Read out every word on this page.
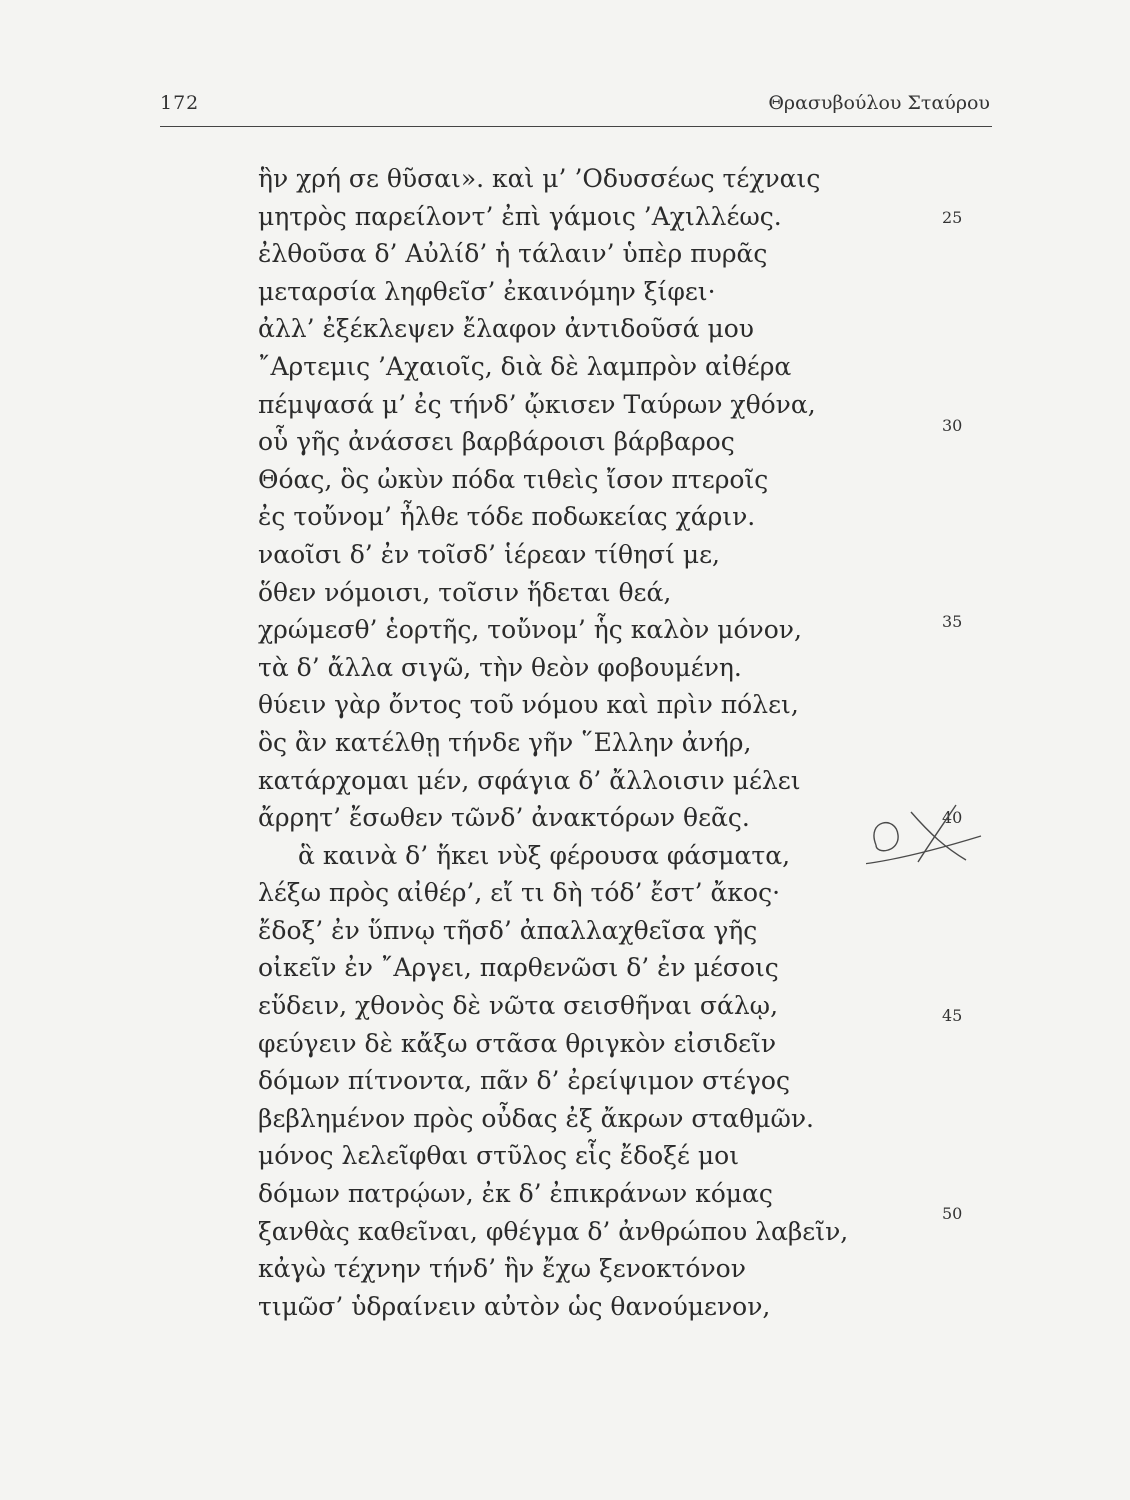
172	Θρασυβούλου Σταύρου
ἣν χρή σε θῦσαι». καὶ μ’ ’Οδυσσέως τέχναις
μητρὸς παρείλοντ’ ἐπὶ γάμοις ’Αχιλλέως.
ἐλθοῦσα δ’ Αὐλίδ’ ἡ τάλαιν’ ὑπὲρ πυρᾶς
μεταρσία ληφθεῖσ’ ἐκαινόμην ξίφει·
ἀλλ’ ἐξέκλεψεν ἔλαφον ἀντιδοῦσά μου
῎Αρτεμις ’Αχαιοῖς, διὰ δὲ λαμπρὸν αἰθέρα
πέμψασά μ’ ἐς τήνδ’ ᾤκισεν Ταύρων χθόνα,
οὗ γῆς ἀνάσσει βαρβάροισι βάρβαρος
Θόας, ὃς ὠκὺν πόδα τιθεὶς ἴσον πτεροῖς
ἐς τοὔνομ’ ἦλθε τόδε ποδωκείας χάριν.
ναοῖσι δ’ ἐν τοῖσδ’ ἱέρεαν τίθησί με,
ὅθεν νόμοισι, τοῖσιν ἥδεται θεά,
χρώμεσθ’ ἑορτῆς, τοὔνομ’ ἧς καλὸν μόνον,
τὰ δ’ ἄλλα σιγῶ, τὴν θεὸν φοβουμένη.
θύειν γὰρ ὄντος τοῦ νόμου καὶ πρὶν πόλει,
ὃς ἂν κατέλθῃ τήνδε γῆν ῞Ελλην ἀνήρ,
κατάρχομαι μέν, σφάγια δ’ ἄλλοισιν μέλει
ἄρρητ’ ἔσωθεν τῶνδ’ ἀνακτόρων θεᾶς.
ἃ καινὰ δ’ ἥκει νὺξ φέρουσα φάσματα,
λέξω πρὸς αἰθέρ’, εἴ τι δὴ τόδ’ ἔστ’ ἄκος·
ἔδοξ’ ἐν ὕπνῳ τῆσδ’ ἀπαλλαχθεῖσα γῆς
οἰκεῖν ἐν ῎Αργει, παρθενῶσι δ’ ἐν μέσοις
εὕδειν, χθονὸς δὲ νῶτα σεισθῆναι σάλῳ,
φεύγειν δὲ κἄξω στᾶσα θριγκὸν εἰσιδεῖν
δόμων πίτνοντα, πᾶν δ’ ἐρείψιμον στέγος
βεβλημένον πρὸς οὖδας ἐξ ἄκρων σταθμῶν.
μόνος λελεῖφθαι στῦλος εἷς ἔδοξέ μοι
δόμων πατρῴων, ἐκ δ’ ἐπικράνων κόμας
ξανθὰς καθεῖναι, φθέγμα δ’ ἀνθρώπου λαβεῖν,
κἀγὼ τέχνην τήνδ’ ἣν ἔχω ξενοκτόνον
τιμῶσ’ ὑδραίνειν αὐτὸν ὡς θανούμενον,
25
30
35
40
45
50
